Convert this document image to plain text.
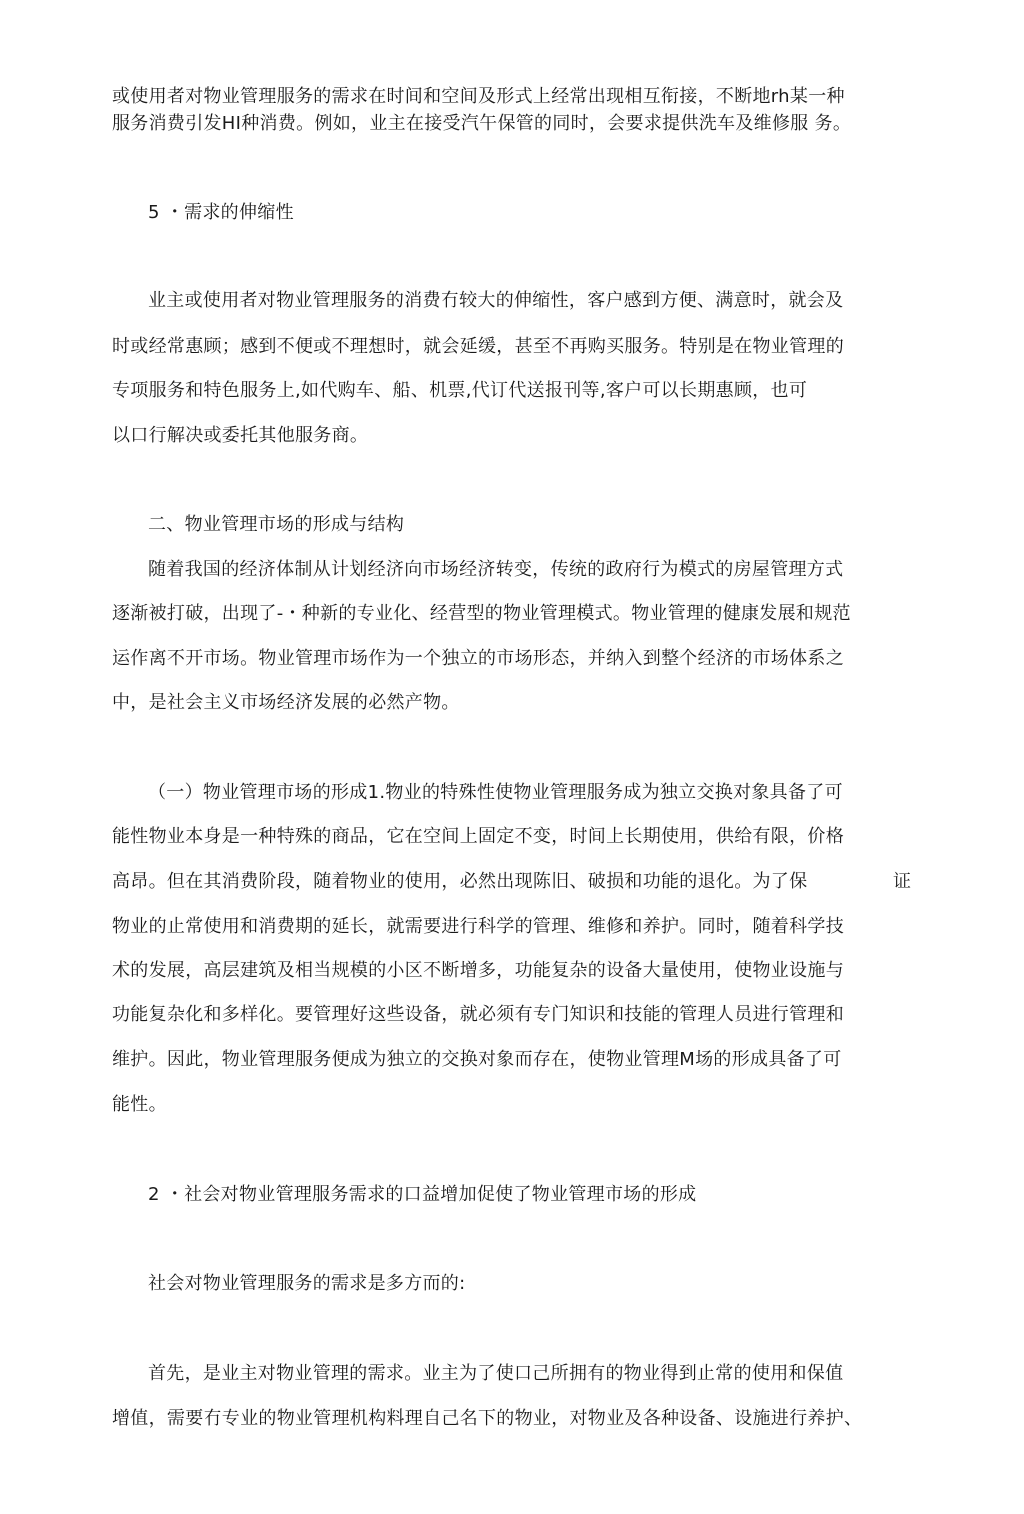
或使用者对物业管理服务的需求在时间和空间及形式上经常出现相互衔接，不断地rh某一种
服务消费引发HI种消费。例如，业主在接受汽午保管的同时，会要求提供洗车及维修服 务。
5 ・需求的伸缩性
业主或使用者对物业管理服务的消费冇较大的伸缩性，客户感到方便、满意时，就会及
时或经常惠顾；感到不便或不理想时，就会延缓，甚至不再购买服务。特别是在物业管理的
专项服务和特色服务上,如代购车、船、机票,代订代送报刊等,客户可以长期惠顾，也可
以口行解决或委托其他服务商。
二、物业管理市场的形成与结构
随着我国的经济体制从计划经济向市场经济转变，传统的政府行为模式的房屋管理方式
逐渐被打破，出现了-・种新的专业化、经营型的物业管理模式。物业管理的健康发展和规范
运作离不开市场。物业管理市场作为一个独立的市场形态，并纳入到整个经济的市场体系之
中，是社会主义市场经济发展的必然产物。
（一）物业管理市场的形成1.物业的特殊性使物业管理服务成为独立交换对象具备了可
能性物业本身是一种特殊的商品，它在空间上固定不变，时间上长期使用，供给有限，价格
高昂。但在其消费阶段，随着物业的使用，必然出现陈旧、破损和功能的退化。为了保	证
物业的止常使用和消费期的延长，就需要进行科学的管理、维修和养护。同时，随着科学技
术的发展，高层建筑及相当规模的小区不断增多，功能复杂的设备大量使用，使物业设施与
功能复杂化和多样化。要管理好这些设备，就必须有专门知识和技能的管理人员进行管理和
维护。因此，物业管理服务便成为独立的交换对象而存在，使物业管理M场的形成具备了可
能性。
2 ・社会对物业管理服务需求的口益增加促使了物业管理市场的形成
社会对物业管理服务的需求是多方而的:
首先，是业主对物业管理的需求。业主为了使口己所拥有的物业得到止常的使用和保值
增值，需要冇专业的物业管理机构料理自己名下的物业，对物业及各种设备、设施进行养护、
